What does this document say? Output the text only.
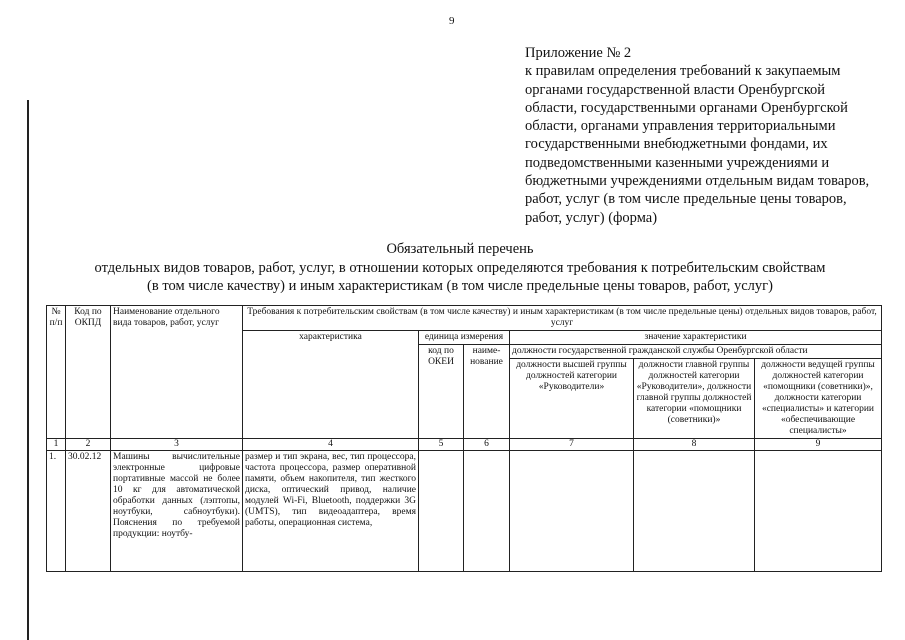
9

Приложение № 2

к правилам определения требований к закупаемым органами государственной власти Оренбургской области, государственными органами Оренбургской области, органами управления территориальными государственными внебюджетными фондами, их подведомственными казенными учреждениями и бюджетными учреждениями отдельным видам товаров, работ, услуг (в том числе предельные цены товаров, работ, услуг) (форма)

Обязательный перечень
отдельных видов товаров, работ, услуг, в отношении которых определяются требования к потребительским свойствам
(в том числе качеству) и иным характеристикам (в том числе предельные цены товаров, работ, услуг)
№ п/п	Код по ОКПД	Наименование отдельного вида товаров, работ, услуг	Требования к потребительским свойствам (в том числе качеству) и иным характеристикам (в том числе предельные цены) отдельных видов товаров, работ, услуг					
			характеристика	единица измерения		значение характеристики		
				код по ОКЕИ	наиме-нование	должности государственной гражданской службы Оренбургской области		
						должности высшей группы должностей категории «Руководители»	должности главной группы должностей категории «Руководители», должности главной группы должностей категории «помощники (советники)»	должности ведущей группы должностей категории «помощники (советники)», должности категории «специалисты» и категории «обеспечивающие специалисты»
1	2	3	4	5	6	7	8	9
1.	30.02.12	Машины вычислительные электронные цифровые портативные массой не более 10 кг для автоматической обработки данных (лэптопы, ноутбуки, сабноутбуки). Пояснения по требуемой продукции: ноутбу-	размер и тип экрана, вес, тип процессора, частота процессора, размер оперативной памяти, объем накопителя, тип жесткого диска, оптический привод, наличие модулей Wi-Fi, Bluetooth, поддержки 3G (UMTS), тип видеоадаптера, время работы, операционная система,					
